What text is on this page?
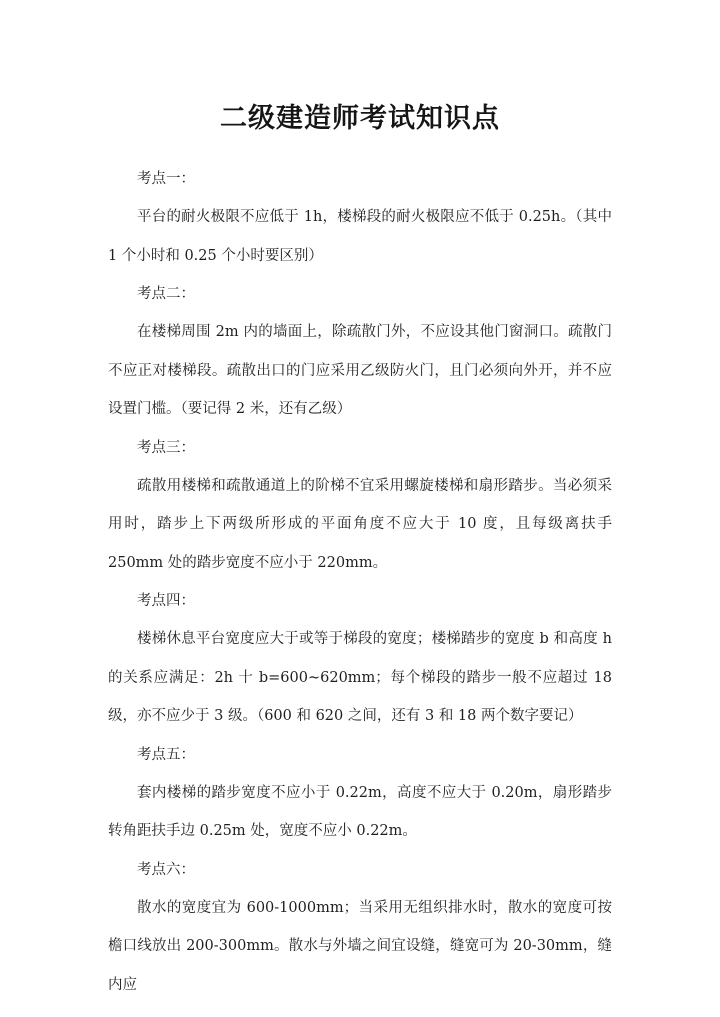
二级建造师考试知识点

考点一：

平台的耐火极限不应低于 1h，楼梯段的耐火极限应不低于 0.25h。（其中 1 个小时和 0.25 个小时要区别）

考点二：

在楼梯周围 2m 内的墙面上，除疏散门外，不应设其他门窗洞口。疏散门不应正对楼梯段。疏散出口的门应采用乙级防火门，且门必须向外开，并不应设置门槛。（要记得 2 米，还有乙级）

考点三：

疏散用楼梯和疏散通道上的阶梯不宜采用螺旋楼梯和扇形踏步。当必须采用时，踏步上下两级所形成的平面角度不应大于 10 度，且每级离扶手 250mm 处的踏步宽度不应小于 220mm。

考点四：

楼梯休息平台宽度应大于或等于梯段的宽度；楼梯踏步的宽度 b 和高度 h 的关系应满足：2h 十 b=600~620mm；每个梯段的踏步一般不应超过 18 级，亦不应少于 3 级。（600 和 620 之间，还有 3 和 18 两个数字要记）

考点五：

套内楼梯的踏步宽度不应小于 0.22m，高度不应大于 0.20m，扇形踏步转角距扶手边 0.25m 处，宽度不应小 0.22m。

考点六：

散水的宽度宜为 600-1000mm；当采用无组织排水时，散水的宽度可按檐口线放出 200-300mm。散水与外墙之间宜设缝，缝宽可为 20-30mm，缝内应
